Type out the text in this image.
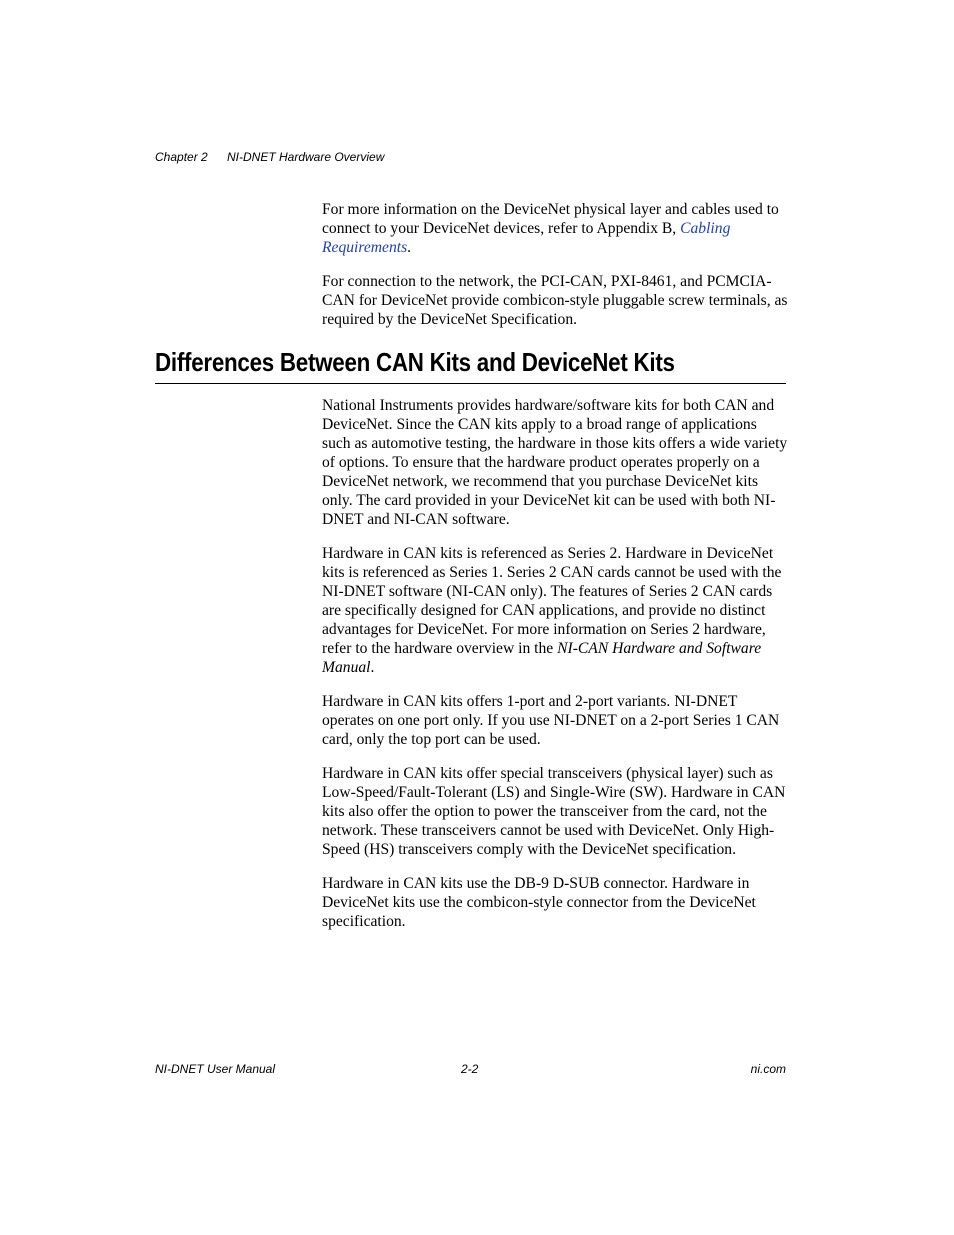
Chapter 2 NI-DNET Hardware Overview

For more information on the DeviceNet physical layer and cables used to connect to your DeviceNet devices, refer to Appendix B, Cabling Requirements.

For connection to the network, the PCI-CAN, PXI-8461, and PCMCIA-CAN for DeviceNet provide combicon-style pluggable screw terminals, as required by the DeviceNet Specification.

Differences Between CAN Kits and DeviceNet Kits

National Instruments provides hardware/software kits for both CAN and DeviceNet. Since the CAN kits apply to a broad range of applications such as automotive testing, the hardware in those kits offers a wide variety of options. To ensure that the hardware product operates properly on a DeviceNet network, we recommend that you purchase DeviceNet kits only. The card provided in your DeviceNet kit can be used with both NI-DNET and NI-CAN software.

Hardware in CAN kits is referenced as Series 2. Hardware in DeviceNet kits is referenced as Series 1. Series 2 CAN cards cannot be used with the NI-DNET software (NI-CAN only). The features of Series 2 CAN cards are specifically designed for CAN applications, and provide no distinct advantages for DeviceNet. For more information on Series 2 hardware, refer to the hardware overview in the NI-CAN Hardware and Software Manual.

Hardware in CAN kits offers 1-port and 2-port variants. NI-DNET operates on one port only. If you use NI-DNET on a 2-port Series 1 CAN card, only the top port can be used.

Hardware in CAN kits offer special transceivers (physical layer) such as Low-Speed/Fault-Tolerant (LS) and Single-Wire (SW). Hardware in CAN kits also offer the option to power the transceiver from the card, not the network. These transceivers cannot be used with DeviceNet. Only High-Speed (HS) transceivers comply with the DeviceNet specification.

Hardware in CAN kits use the DB-9 D-SUB connector. Hardware in DeviceNet kits use the combicon-style connector from the DeviceNet specification.

NI-DNET User Manual	2-2	ni.com
